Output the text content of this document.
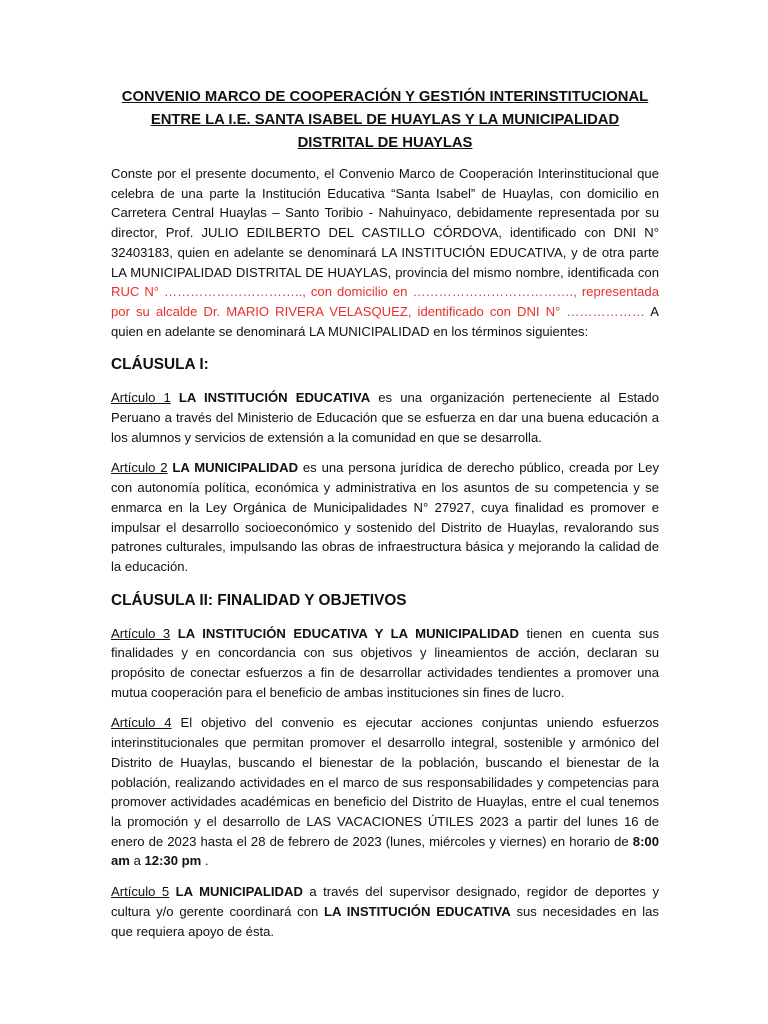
CONVENIO MARCO DE COOPERACIÓN Y GESTIÓN INTERINSTITUCIONAL
ENTRE LA I.E. SANTA ISABEL DE HUAYLAS Y LA MUNICIPALIDAD
DISTRITAL DE HUAYLAS

Conste por el presente documento, el Convenio Marco de Cooperación Interinstitucional que celebra de una parte la Institución Educativa “Santa Isabel” de Huaylas, con domicilio en Carretera Central Huaylas – Santo Toribio - Nahuinyaco, debidamente representada por su director, Prof. JULIO EDILBERTO DEL CASTILLO CÓRDOVA, identificado con DNI N° 32403183, quien en adelante se denominará LA INSTITUCIÓN EDUCATIVA, y de otra parte LA MUNICIPALIDAD DISTRITAL DE HUAYLAS, provincia del mismo nombre, identificada con RUC N° ………………………….., con domicilio en ………………………………., representada por su alcalde Dr. MARIO RIVERA VELASQUEZ, identificado con DNI N° ……………… A quien en adelante se denominará LA MUNICIPALIDAD en los términos siguientes:

CLÁUSULA I:

Artículo 1 LA INSTITUCIÓN EDUCATIVA es una organización perteneciente al Estado Peruano a través del Ministerio de Educación que se esfuerza en dar una buena educación a los alumnos y servicios de extensión a la comunidad en que se desarrolla.

Artículo 2 LA MUNICIPALIDAD es una persona jurídica de derecho público, creada por Ley con autonomía política, económica y administrativa en los asuntos de su competencia y se enmarca en la Ley Orgánica de Municipalidades N° 27927, cuya finalidad es promover e impulsar el desarrollo socioeconómico y sostenido del Distrito de Huaylas, revalorando sus patrones culturales, impulsando las obras de infraestructura básica y mejorando la calidad de la educación.

CLÁUSULA II: FINALIDAD Y OBJETIVOS

Artículo 3 LA INSTITUCIÓN EDUCATIVA Y LA MUNICIPALIDAD tienen en cuenta sus finalidades y en concordancia con sus objetivos y lineamientos de acción, declaran su propósito de conectar esfuerzos a fin de desarrollar actividades tendientes a promover una mutua cooperación para el beneficio de ambas instituciones sin fines de lucro.

Artículo 4 El objetivo del convenio es ejecutar acciones conjuntas uniendo esfuerzos interinstitucionales que permitan promover el desarrollo integral, sostenible y armónico del Distrito de Huaylas, buscando el bienestar de la población, buscando el bienestar de la población, realizando actividades en el marco de sus responsabilidades y competencias para promover actividades académicas en beneficio del Distrito de Huaylas, entre el cual tenemos la promoción y el desarrollo de LAS VACACIONES ÚTILES 2023 a partir del lunes 16 de enero de 2023 hasta el 28 de febrero de 2023 (lunes, miércoles y viernes) en horario de 8:00 am a 12:30 pm .

Artículo 5 LA MUNICIPALIDAD a través del supervisor designado, regidor de deportes y cultura y/o gerente coordinará con LA INSTITUCIÓN EDUCATIVA sus necesidades en las que requiera apoyo de ésta.
